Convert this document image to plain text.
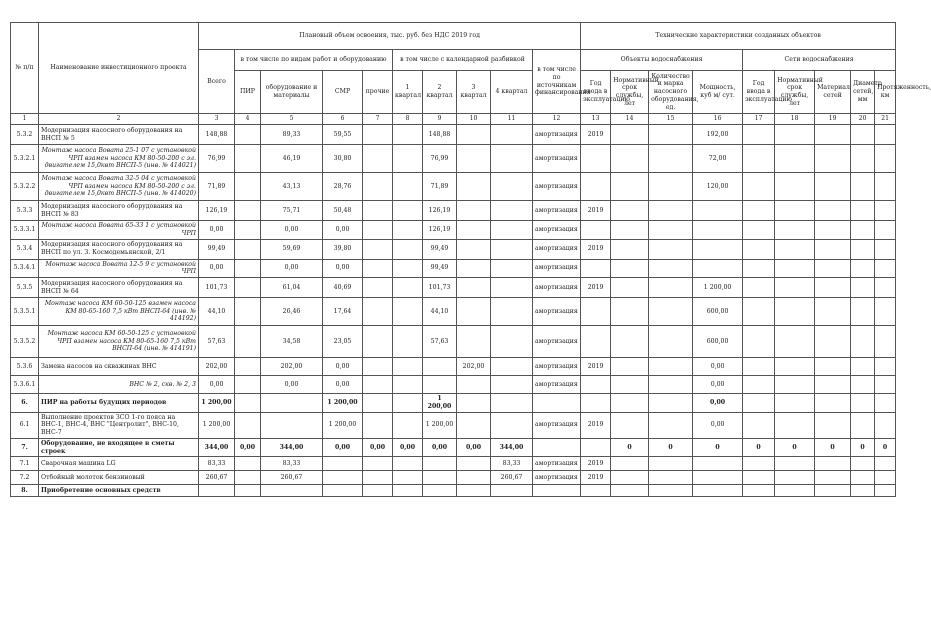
№ п/п	Наименование инвестиционного проекта	Плановый объем освоения, тыс. руб. без НДС 2019 год										Технические характеристики созданных объектов								
		Всего	в том числе по видам работ и оборудованию				в том числе с календарной разбивкой				в том числе по источникам финансирования	Объекты водоснабжения				Сети водоснабжения				
			ПИР	оборудование и материалы	СМР	прочие	1 квартал	2 квартал	3 квартал	4 квартал		Год ввода в эксплуатацию	Нормативный срок службы, лет	Количество и марка насосного оборудования, ед.	Мощность, куб м/ сут.	Год ввода в эксплуатацию	Нормативный срок службы, лет	Материал сетей	Диаметр сетей, мм	Протяженность, км
1	2	3	4	5	6	7	8	9	10	11	12	13	14	15	16	17	18	19	20	21
5.3.2	Модернизация насосного оборудования на ВНСП № 5	148,88		89,33	59,55			148,88			амортизация	2019			192,00					
5.3.2.1	Монтаж насоса Вовата 25-1 07 с установкой ЧРП взамен насоса КМ 80-50-200 с эл. двигателем 15,0квт ВНСП-5 (инв. № 414021)	76,99		46,19	30,80			76,99			амортизация				72,00					
5.3.2.2	Монтаж насоса Вовата 32-5 04 с установкой ЧРП взамен насоса КМ 80-50-200 с эл. двигателем 15,0квт ВНСП-5 (инв. № 414020)	71,89		43,13	28,76			71,89			амортизация				120,00					
5.3.3	Модернизация насосного оборудования на ВНСП № 83	126,19		75,71	50,48			126,19			амортизация	2019								
5.3.3.1	Монтаж насоса Вовата 65-33 1 с установкой ЧРП	0,00		0,00	0,00			126,19			амортизация									
5.3.4	Модернизация насосного оборудования на ВНСП по ул. З. Космодемьянской, 2/1	99,49		59,69	39,80			99,49			амортизация	2019								
5.3.4.1	Монтаж насоса Вовата 12-5 9 с установкой ЧРП	0,00		0,00	0,00			99,49			амортизация									
5.3.5	Модернизация насосного оборудования на ВНСП № 64	101,73		61,04	40,69			101,73			амортизация	2019			1 200,00					
5.3.5.1	Монтаж насоса КМ 60-50-125 взамен насоса КМ 80-65-160 7,5 кВт ВНСП-64 (инв. № 414192)	44,10		26,46	17,64			44,10			амортизация				600,00					
5.3.5.2	Монтаж насоса КМ 60-50-125 с установкой ЧРП взамен насоса КМ 80-65-160 7,5 кВт ВНСП-64 (инв. № 414191)	57,63		34,58	23,05			57,63			амортизация				600,00					
5.3.6	Замена насосов на скважинах ВНС	202,00		202,00	0,00				202,00		амортизация	2019			0,00					
5.3.6.1	ВНС № 2, скв. № 2, 3	0,00		0,00	0,00						амортизация				0,00					
6.	ПИР на работы будущих периодов	1 200,00			1 200,00			1 200,00							0,00					
6.1	Выполнение проектов ЗСО 1-го пояса на ВНС-1, ВНС-4, ВНС "Центролит", ВНС-10, ВНС-7	1 200,00			1 200,00			1 200,00			амортизация	2019			0,00					
7.	Оборудование, не входящее в сметы строек	344,00	0,00	344,00	0,00	0,00	0,00	0,00	0,00	344,00			0	0	0	0	0	0	0	0
7.1	Сварочная машина LG	83,33		83,33						83,33	амортизация	2019								
7.2	Отбойный молоток бензиновый	260,67		260,67						260,67	амортизация	2019								
8.	Приобретение основных средств																			
